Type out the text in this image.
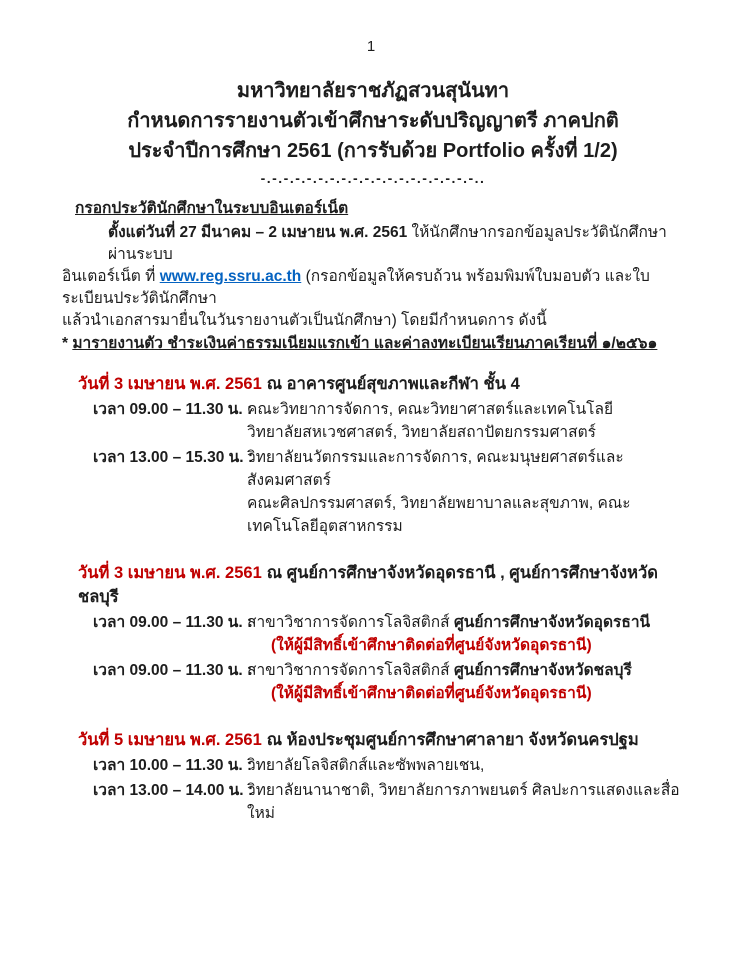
1
มหาวิทยาลัยราชภัฏสวนสุนันทา
กำหนดการรายงานตัวเข้าศึกษาระดับปริญญาตรี ภาคปกติ
ประจำปีการศึกษา 2561 (การรับด้วย Portfolio ครั้งที่ 1/2)
-.-.-.-.-.-.-.-.-.-.-.-.-.-.-.-.-.-.-..
กรอกประวัตินักศึกษาในระบบอินเตอร์เน็ต
ตั้งแต่วันที่ 27 มีนาคม – 2 เมษายน พ.ศ. 2561 ให้นักศึกษากรอกข้อมูลประวัตินักศึกษาผ่านระบบ
อินเตอร์เน็ต ที่ www.reg.ssru.ac.th (กรอกข้อมูลให้ครบถ้วน พร้อมพิมพ์ใบมอบตัว และใบระเบียนประวัตินักศึกษา
แล้วนำเอกสารมายื่นในวันรายงานตัวเป็นนักศึกษา) โดยมีกำหนดการ ดังนี้
* มารายงานตัว ชำระเงินค่าธรรมเนียมแรกเข้า และค่าลงทะเบียนเรียนภาคเรียนที่ ๑/๒๕๖๑
วันที่ 3 เมษายน พ.ศ. 2561 ณ อาคารศูนย์สุขภาพและกีฬา ชั้น 4
เวลา 09.00 – 11.30 น. :
คณะวิทยาการจัดการ, คณะวิทยาศาสตร์และเทคโนโลยี
วิทยาลัยสหเวชศาสตร์, วิทยาลัยสถาปัตยกรรมศาสตร์
เวลา 13.00 – 15.30 น. :
วิทยาลัยนวัตกรรมและการจัดการ, คณะมนุษยศาสตร์และสังคมศาสตร์
คณะศิลปกรรมศาสตร์, วิทยาลัยพยาบาลและสุขภาพ, คณะเทคโนโลยีอุตสาหกรรม
วันที่ 3 เมษายน พ.ศ. 2561 ณ ศูนย์การศึกษาจังหวัดอุดรธานี , ศูนย์การศึกษาจังหวัดชลบุรี
เวลา 09.00 – 11.30 น. :
สาขาวิชาการจัดการโลจิสติกส์ ศูนย์การศึกษาจังหวัดอุดรธานี
(ให้ผู้มีสิทธิ์เข้าศึกษาติดต่อที่ศูนย์จังหวัดอุดรธานี)
เวลา 09.00 – 11.30 น. :
สาขาวิชาการจัดการโลจิสติกส์ ศูนย์การศึกษาจังหวัดชลบุรี
(ให้ผู้มีสิทธิ์เข้าศึกษาติดต่อที่ศูนย์จังหวัดอุดรธานี)
วันที่ 5 เมษายน พ.ศ. 2561 ณ ห้องประชุมศูนย์การศึกษาศาลายา จังหวัดนครปฐม
เวลา 10.00 – 11.30 น. :
วิทยาลัยโลจิสติกส์และซัพพลายเชน,
เวลา 13.00 – 14.00 น. :
วิทยาลัยนานาชาติ, วิทยาลัยการภาพยนตร์ ศิลปะการแสดงและสื่อใหม่
